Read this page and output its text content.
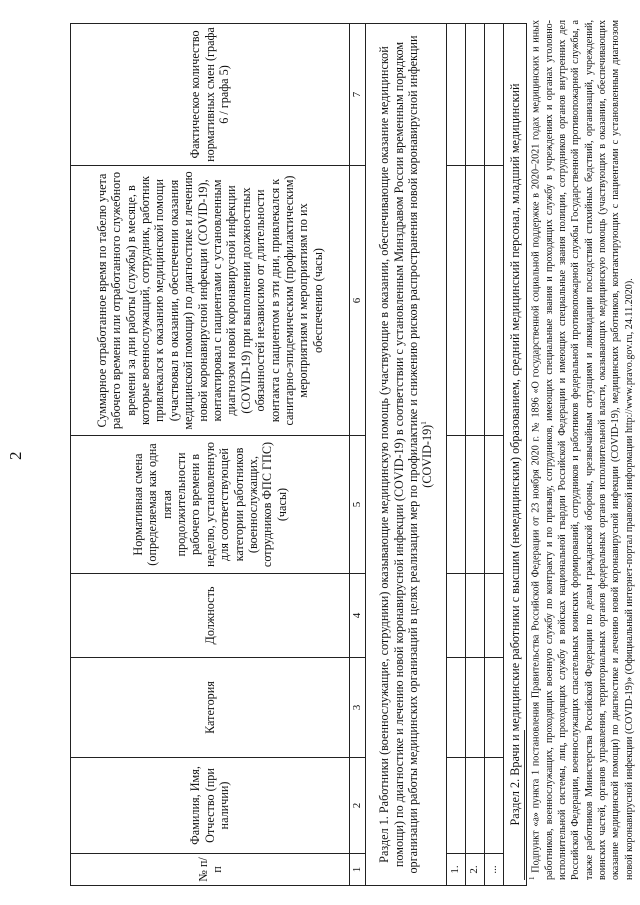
2
№ п/п	Фамилия, Имя, Отчество (при наличии)	Категория	Должность	Нормативная смена (определяемая как одна пятая продолжительности рабочего времени в неделю, установленную для соответствующей категории работников (военнослужащих, сотрудников ФПС ГПС) (часы)	Суммарное отработанное время по табелю учета рабочего времени или отработанного служебного времени за дни работы (службы) в месяце, в которые военнослужащий, сотрудник, работник привлекался к оказанию медицинской помощи (участвовал в оказании, обеспечении оказания медицинской помощи) по диагностике и лечению новой коронавирусной инфекции (COVID-19), контактировал с пациентами с установленным диагнозом новой коронавирусной инфекции (COVID-19) при выполнении должностных обязанностей независимо от длительности контакта с пациентом в эти дни, привлекался к санитарно-эпидемическим (профилактическим) мероприятиям и мероприятиям по их обеспечению (часы)	Фактическое количество нормативных смен (графа 6 / графа 5)
1	2	3	4	5	6	7
Раздел 1. Работники (военнослужащие, сотрудники) оказывающие медицинскую помощь (участвующие в оказании, обеспечивающие оказание медицинской помощи) по диагностике и лечению новой коронавирусной инфекции (COVID-19) в соответствии с установленным Минздравом России временным порядком организации работы медицинских организаций в целях реализации мер по профилактике и снижению рисков распространения новой коронавирусной инфекции (COVID-19)$^1$
1.						
2.						
...						
Раздел 2. Врачи и медицинские работники с высшим (немедицинским) образованием, средний медицинский персонал, младший медицинский						
$^1$ Подпункт «а» пункта 1 постановления Правительства Российской Федерации от 23 ноября 2020 г. № 1896 «О государственной социальной поддержке в 2020–2021 годах медицинских и иных работников, военнослужащих, проходящих военную службу по контракту и по призыву, сотрудников, имеющих специальные звания и проходящих службу в учреждениях и органах уголовно-исполнительной системы, лиц, проходящих службу в войсках национальной гвардии Российской Федерации и имеющих специальные звания полиции, сотрудников органов внутренних дел Российской Федерации, военнослужащих спасательных воинских формирований, сотрудников и работников федеральной противопожарной службы Государственной противопожарной службы, а также работников Министерства Российской Федерации по делам гражданской обороны, чрезвычайным ситуациям и ликвидации последствий стихийных бедствий, организаций, учреждений, воинских частей, органов управления, территориальных органов федеральных органов исполнительной власти, оказывающих медицинскую помощь (участвующих в оказании, обеспечивающих оказание медицинской помощи) по диагностике и лечению новой коронавирусной инфекции (COVID-19), медицинских работников, контактирующих с пациентами с установленным диагнозом новой коронавирусной инфекции (COVID-19)» (Официальный интернет-портал правовой информации http://www.pravo.gov.ru, 24.11.2020).
